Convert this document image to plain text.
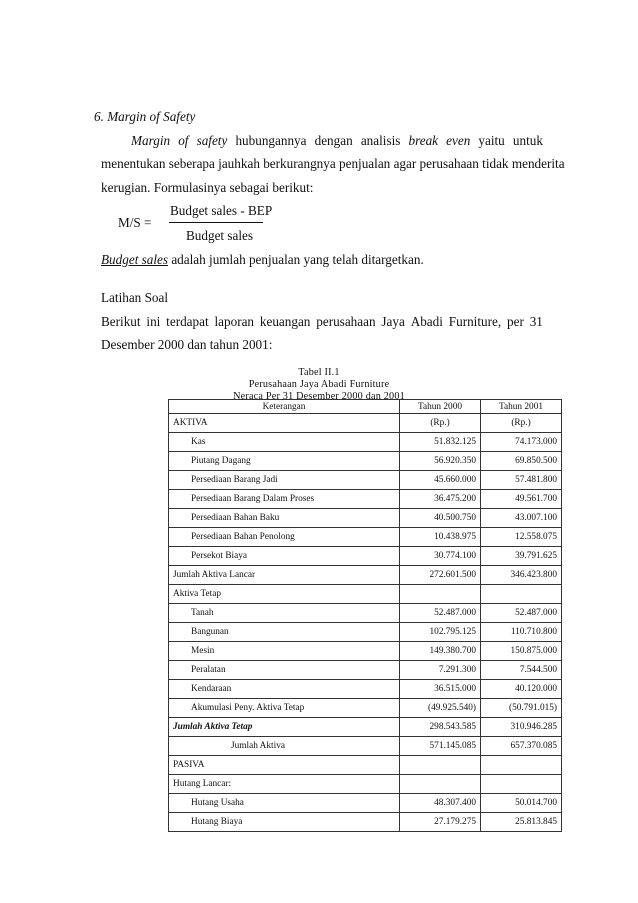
6. Margin of Safety
Margin of safety hubungannya dengan analisis break even yaitu untuk
menentukan seberapa jauhkah berkurangnya penjualan agar perusahaan tidak menderita
kerugian. Formulasinya sebagai berikut:
Budget sales - BEP
M/S =
Budget sales
Budget sales adalah jumlah penjualan yang telah ditargetkan.
Latihan Soal
Berikut ini terdapat laporan keuangan perusahaan Jaya Abadi Furniture, per 31
Desember 2000 dan tahun 2001:
Tabel II.1
Perusahaan Jaya Abadi Furniture
Neraca Per 31 Desember 2000 dan 2001
Keterangan	Tahun 2000	Tahun 2001
AKTIVA	(Rp.)	(Rp.)
Kas	51.832.125	74.173.000
Piutang Dagang	56.920.350	69.850.500
Persediaan Barang Jadi	45.660.000	57.481.800
Persediaan Barang Dalam Proses	36.475.200	49.561.700
Persediaan Bahan Baku	40.500.750	43.007.100
Persediaan Bahan Penolong	10.438.975	12.558.075
Persekot Biaya	30.774.100	39.791.625
Jumlah Aktiva Lancar	272.601.500	346.423.800
Aktiva Tetap		
Tanah	52.487.000	52.487.000
Bangunan	102.795.125	110.710.800
Mesin	149.380.700	150.875.000
Peralatan	7.291.300	7.544.500
Kendaraan	36.515.000	40.120.000
Akumulasi Peny. Aktiva Tetap	(49.925.540)	(50.791.015)
Jumlah Aktiva Tetap	298.543.585	310.946.285
Jumlah Aktiva	571.145.085	657.370.085
PASIVA		
Hutang Lancar:		
Hutang Usaha	48.307.400	50.014.700
Hutang Biaya	27.179.275	25.813.845
